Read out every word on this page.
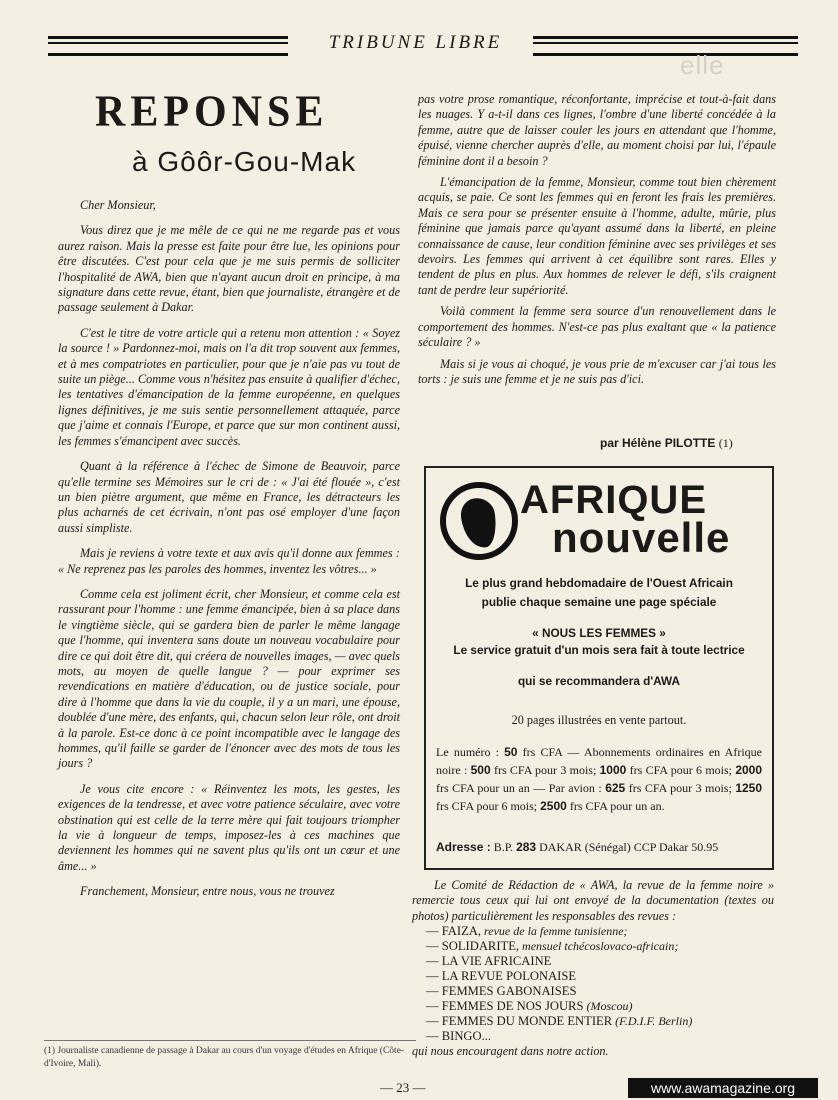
TRIBUNE LIBRE
elle
REPONSE
à Gôôr-Gou-Mak

Cher Monsieur,

Vous direz que je me mêle de ce qui ne me regarde pas et vous aurez raison. Mais la presse est faite pour être lue, les opinions pour être discutées. C'est pour cela que je me suis permis de solliciter l'hospitalité de AWA, bien que n'ayant aucun droit en principe, à ma signature dans cette revue, étant, bien que journaliste, étrangère et de passage seulement à Dakar.

C'est le titre de votre article qui a retenu mon attention : « Soyez la source ! » Pardonnez-moi, mais on l'a dit trop souvent aux femmes, et à mes compatriotes en particulier, pour que je n'aie pas vu tout de suite un piège... Comme vous n'hésitez pas ensuite à qualifier d'échec, les tentatives d'émancipation de la femme européenne, en quelques lignes définitives, je me suis sentie personnellement attaquée, parce que j'aime et connais l'Europe, et parce que sur mon continent aussi, les femmes s'émancipent avec succès.

Quant à la référence à l'échec de Simone de Beauvoir, parce qu'elle termine ses Mémoires sur le cri de : « J'ai été flouée », c'est un bien piètre argument, que même en France, les détracteurs les plus acharnés de cet écrivain, n'ont pas osé employer d'une façon aussi simpliste.

Mais je reviens à votre texte et aux avis qu'il donne aux femmes : « Ne reprenez pas les paroles des hommes, inventez les vôtres... »

Comme cela est joliment écrit, cher Monsieur, et comme cela est rassurant pour l'homme : une femme émancipée, bien à sa place dans le vingtième siècle, qui se gardera bien de parler le même langage que l'homme, qui inventera sans doute un nouveau vocabulaire pour dire ce qui doit être dit, qui créera de nouvelles images, — avec quels mots, au moyen de quelle langue ? — pour exprimer ses revendications en matière d'éducation, ou de justice sociale, pour dire à l'homme que dans la vie du couple, il y a un mari, une épouse, doublée d'une mère, des enfants, qui, chacun selon leur rôle, ont droit à la parole. Est-ce donc à ce point incompatible avec le langage des hommes, qu'il faille se garder de l'énoncer avec des mots de tous les jours ?

Je vous cite encore : « Réinventez les mots, les gestes, les exigences de la tendresse, et avec votre patience séculaire, avec votre obstination qui est celle de la terre mère qui fait toujours triompher la vie à longueur de temps, imposez-les à ces machines que deviennent les hommes qui ne savent plus qu'ils ont un cœur et une âme... »

Franchement, Monsieur, entre nous, vous ne trouvez

pas votre prose romantique, réconfortante, imprécise et tout-à-fait dans les nuages. Y a-t-il dans ces lignes, l'ombre d'une liberté concédée à la femme, autre que de laisser couler les jours en attendant que l'homme, épuisé, vienne chercher auprès d'elle, au moment choisi par lui, l'épaule féminine dont il a besoin ?

L'émancipation de la femme, Monsieur, comme tout bien chèrement acquis, se paie. Ce sont les femmes qui en feront les frais les premières. Mais ce sera pour se présenter ensuite à l'homme, adulte, mûrie, plus féminine que jamais parce qu'ayant assumé dans la liberté, en pleine connaissance de cause, leur condition féminine avec ses privilèges et ses devoirs. Les femmes qui arrivent à cet équilibre sont rares. Elles y tendent de plus en plus. Aux hommes de relever le défi, s'ils craignent tant de perdre leur supériorité.

Voilà comment la femme sera source d'un renouvellement dans le comportement des hommes. N'est-ce pas plus exaltant que « la patience séculaire ? »

Mais si je vous ai choqué, je vous prie de m'excuser car j'ai tous les torts : je suis une femme et je ne suis pas d'ici.

par Hélène PILOTTE (1)
(1) Journaliste canadienne de passage à Dakar au cours d'un voyage d'études en Afrique (Côte-d'Ivoire, Mali).
AFRIQUE
nouvelle
Le plus grand hebdomadaire de l'Ouest Africain
publie chaque semaine une page spéciale
« NOUS LES FEMMES »
Le service gratuit d'un mois sera fait à toute lectrice
qui se recommandera d'AWA
20 pages illustrées en vente partout.
Le numéro : 50 frs CFA — Abonnements ordinaires en Afrique noire : 500 frs CFA pour 3 mois; 1000 frs CFA pour 6 mois; 2000 frs CFA pour un an — Par avion : 625 frs CFA pour 3 mois; 1250 frs CFA pour 6 mois; 2500 frs CFA pour un an.
Adresse : B.P. 283 DAKAR (Sénégal) CCP Dakar 50.95

Le Comité de Rédaction de « AWA, la revue de la femme noire » remercie tous ceux qui lui ont envoyé de la documentation (textes ou photos) particulièrement les responsables des revues :

— FAIZA, revue de la femme tunisienne;
— SOLIDARITE, mensuel tchécoslovaco-africain;
— LA VIE AFRICAINE
— LA REVUE POLONAISE
— FEMMES GABONAISES
— FEMMES DE NOS JOURS (Moscou)
— FEMMES DU MONDE ENTIER (F.D.I.F. Berlin)
— BINGO...

qui nous encouragent dans notre action.

— 23 —	www.awamagazine.org
